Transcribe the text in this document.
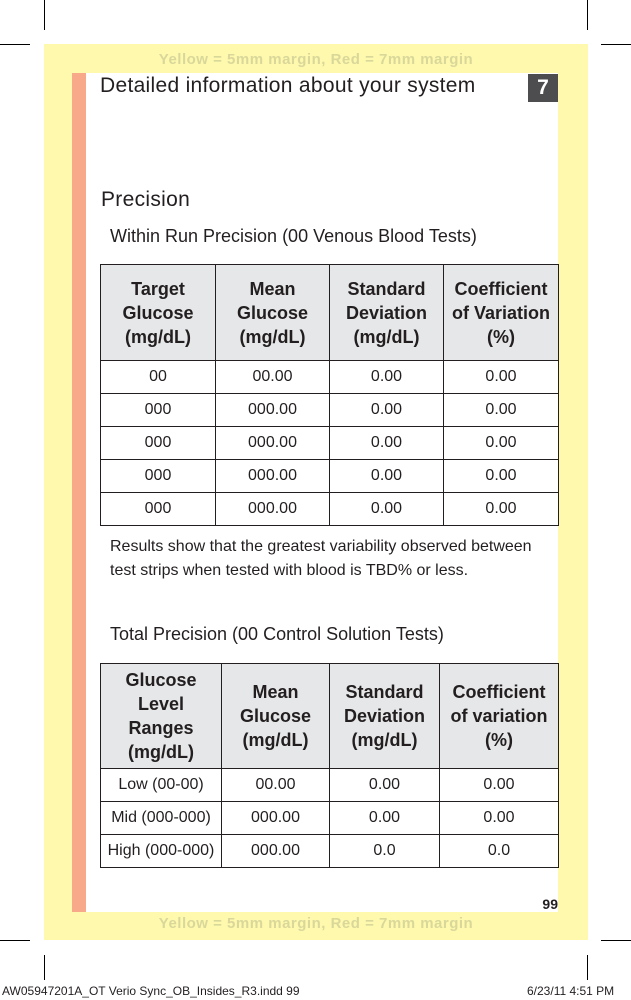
Yellow = 5mm margin, Red = 7mm margin
Yellow = 5mm margin, Red = 7mm margin
Detailed information about your system	7
Precision
Within Run Precision (00 Venous Blood Tests)
Target
Glucose
(mg/dL)	Mean
Glucose
(mg/dL)	Standard
Deviation
(mg/dL)	Coefficient
of Variation
(%)
00	00.00	0.00	0.00
000	000.00	0.00	0.00
000	000.00	0.00	0.00
000	000.00	0.00	0.00
000	000.00	0.00	0.00
Results show that the greatest variability observed between test strips when tested with blood is TBD% or less.
Total Precision (00 Control Solution Tests)
Glucose Level
Ranges
(mg/dL)	Mean
Glucose
(mg/dL)	Standard
Deviation
(mg/dL)	Coefficient
of variation
(%)
Low (00-00)	00.00	0.00	0.00
Mid (000-000)	000.00	0.00	0.00
High (000-000)	000.00	0.0	0.0
99
AW05947201A_OT Verio Sync_OB_Insides_R3.indd 99	6/23/11 4:51 PM
